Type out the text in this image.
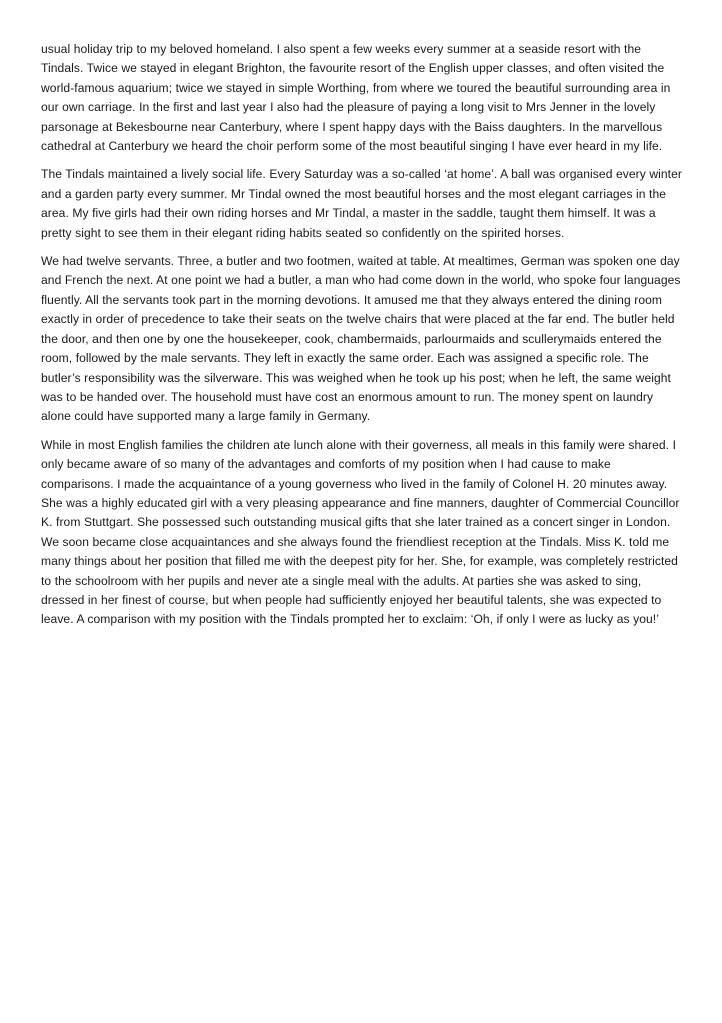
usual holiday trip to my beloved homeland. I also spent a few weeks every summer at a seaside resort with the Tindals. Twice we stayed in elegant Brighton, the favourite resort of the English upper classes, and often visited the world-famous aquarium; twice we stayed in simple Worthing, from where we toured the beautiful surrounding area in our own carriage. In the first and last year I also had the pleasure of paying a long visit to Mrs Jenner in the lovely parsonage at Bekesbourne near Canterbury, where I spent happy days with the Baiss daughters. In the marvellous cathedral at Canterbury we heard the choir perform some of the most beautiful singing I have ever heard in my life.

The Tindals maintained a lively social life. Every Saturday was a so-called ‘at home’. A ball was organised every winter and a garden party every summer. Mr Tindal owned the most beautiful horses and the most elegant carriages in the area. My five girls had their own riding horses and Mr Tindal, a master in the saddle, taught them himself. It was a pretty sight to see them in their elegant riding habits seated so confidently on the spirited horses.

We had twelve servants. Three, a butler and two footmen, waited at table. At mealtimes, German was spoken one day and French the next. At one point we had a butler, a man who had come down in the world, who spoke four languages fluently. All the servants took part in the morning devotions. It amused me that they always entered the dining room exactly in order of precedence to take their seats on the twelve chairs that were placed at the far end. The butler held the door, and then one by one the housekeeper, cook, chambermaids, parlourmaids and scullerymaids entered the room, followed by the male servants. They left in exactly the same order. Each was assigned a specific role. The butler’s responsibility was the silverware. This was weighed when he took up his post; when he left, the same weight was to be handed over. The household must have cost an enormous amount to run. The money spent on laundry alone could have supported many a large family in Germany.

While in most English families the children ate lunch alone with their governess, all meals in this family were shared. I only became aware of so many of the advantages and comforts of my position when I had cause to make comparisons. I made the acquaintance of a young governess who lived in the family of Colonel H. 20 minutes away. She was a highly educated girl with a very pleasing appearance and fine manners, daughter of Commercial Councillor K. from Stuttgart. She possessed such outstanding musical gifts that she later trained as a concert singer in London. We soon became close acquaintances and she always found the friendliest reception at the Tindals. Miss K. told me many things about her position that filled me with the deepest pity for her. She, for example, was completely restricted to the schoolroom with her pupils and never ate a single meal with the adults. At parties she was asked to sing, dressed in her finest of course, but when people had sufficiently enjoyed her beautiful talents, she was expected to leave. A comparison with my position with the Tindals prompted her to exclaim: ‘Oh, if only I were as lucky as you!’
